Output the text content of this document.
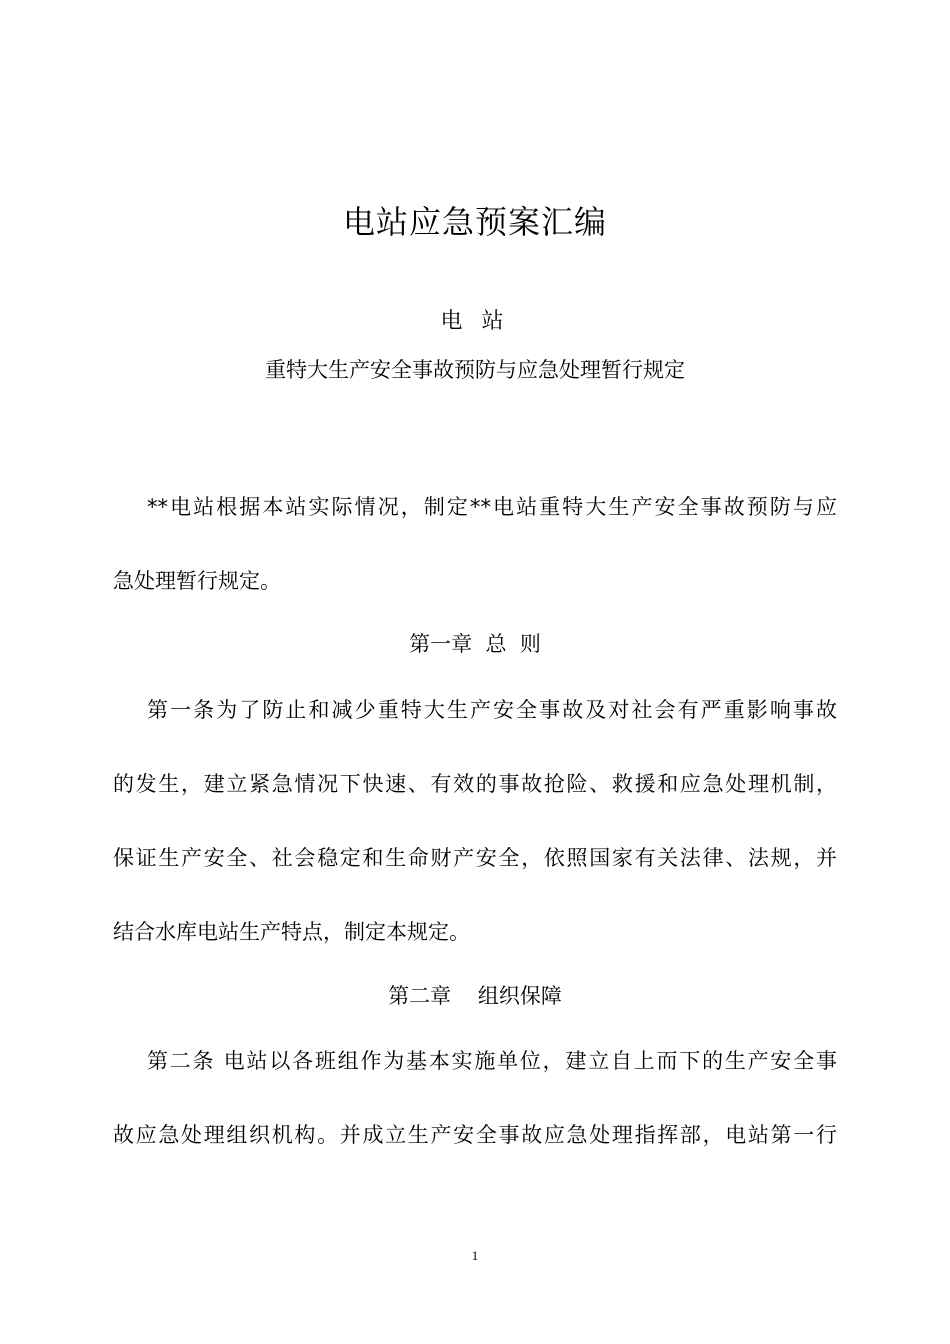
电站应急预案汇编
电 站
重特大生产安全事故预防与应急处理暂行规定
**电站根据本站实际情况，制定**电站重特大生产安全事故预防与应
急处理暂行规定。
第一章  总  则
第一条为了防止和减少重特大生产安全事故及对社会有严重影响事故
的发生，建立紧急情况下快速、有效的事故抢险、救援和应急处理机制，
保证生产安全、社会稳定和生命财产安全，依照国家有关法律、法规，并
结合水库电站生产特点，制定本规定。
第二章    组织保障
第二条 电站以各班组作为基本实施单位，建立自上而下的生产安全事
故应急处理组织机构。并成立生产安全事故应急处理指挥部，电站第一行
1
